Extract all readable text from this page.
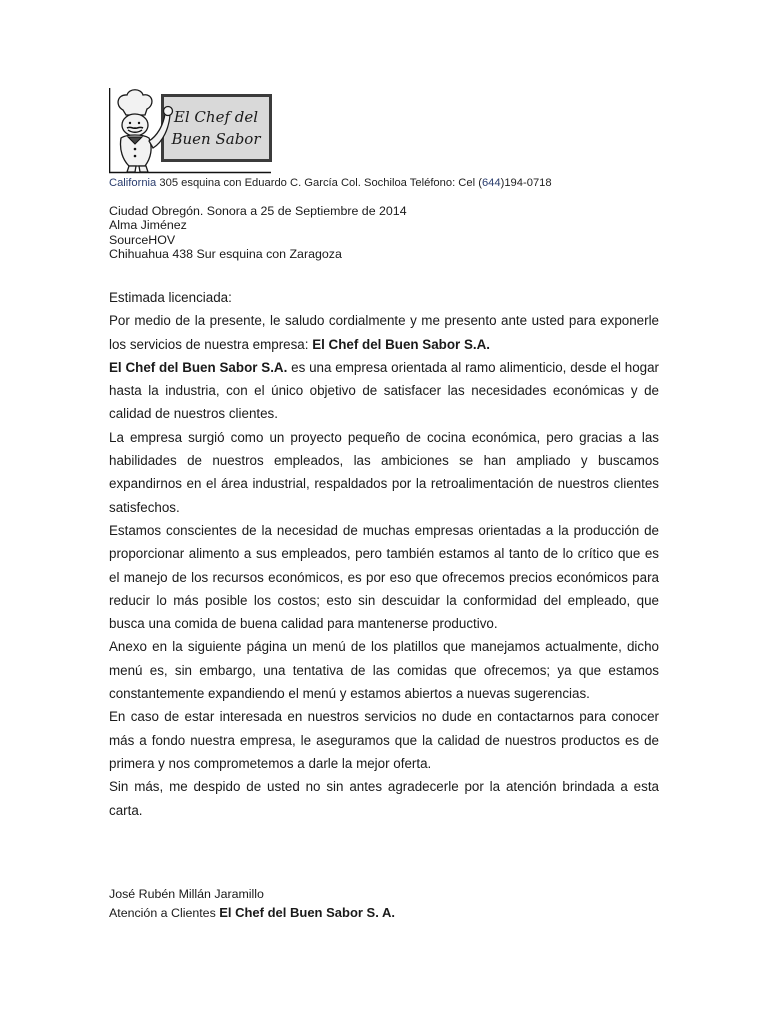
El Chef del
Buen Sabor
California 305 esquina con Eduardo C. García Col. Sochiloa Teléfono: Cel (644)194-0718
Ciudad Obregón. Sonora a 25 de Septiembre de 2014
Alma Jiménez
SourceHOV
Chihuahua 438 Sur esquina con Zaragoza

Estimada licenciada:

Por medio de la presente, le saludo cordialmente y me presento ante usted para exponerle los servicios de nuestra empresa: El Chef del Buen Sabor S.A.

El Chef del Buen Sabor S.A. es una empresa orientada al ramo alimenticio, desde el hogar hasta la industria, con el único objetivo de satisfacer las necesidades económicas y de calidad de nuestros clientes.

La empresa surgió como un proyecto pequeño de cocina económica, pero gracias a las habilidades de nuestros empleados, las ambiciones se han ampliado y buscamos expandirnos en el área industrial, respaldados por la retroalimentación de nuestros clientes satisfechos.

Estamos conscientes de la necesidad de muchas empresas orientadas a la producción de proporcionar alimento a sus empleados, pero también estamos al tanto de lo crítico que es el manejo de los recursos económicos, es por eso que ofrecemos precios económicos para reducir lo más posible los costos; esto sin descuidar la conformidad del empleado, que busca una comida de buena calidad para mantenerse productivo.

Anexo en la siguiente página un menú de los platillos que manejamos actualmente, dicho menú es, sin embargo, una tentativa de las comidas que ofrecemos; ya que estamos constantemente expandiendo el menú y estamos abiertos a nuevas sugerencias.

En caso de estar interesada en nuestros servicios no dude en contactarnos para conocer más a fondo nuestra empresa, le aseguramos que la calidad de nuestros productos es de primera y nos comprometemos a darle la mejor oferta.

Sin más, me despido de usted no sin antes agradecerle por la atención brindada a esta carta.

José Rubén Millán Jaramillo
Atención a Clientes El Chef del Buen Sabor S. A.
